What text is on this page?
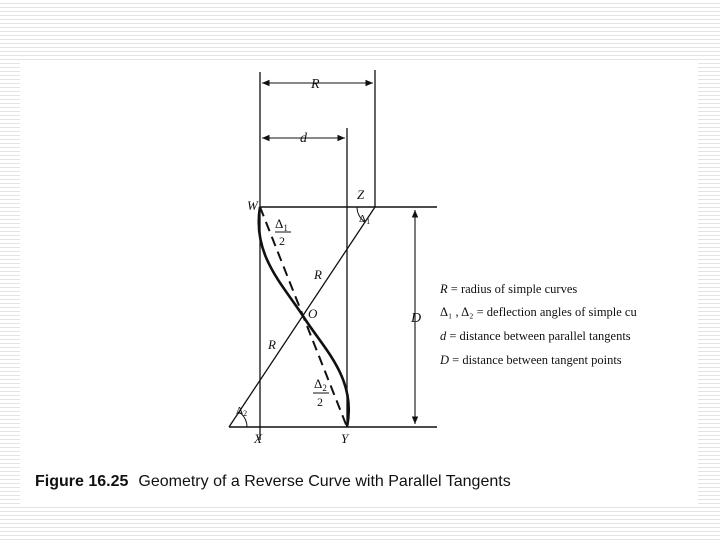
W
Z
X	Y
O
R
d
D
R
R
$\Delta_1$
2
Δ1
$\Delta_2$
2
Δ2
R = radius of simple curves
Δ₁ , Δ₂ = deflection angles of simple cu
d = distance between parallel tangents
D = distance between tangent points
Figure 16.25 Geometry of a Reverse Curve with Parallel Tangents
